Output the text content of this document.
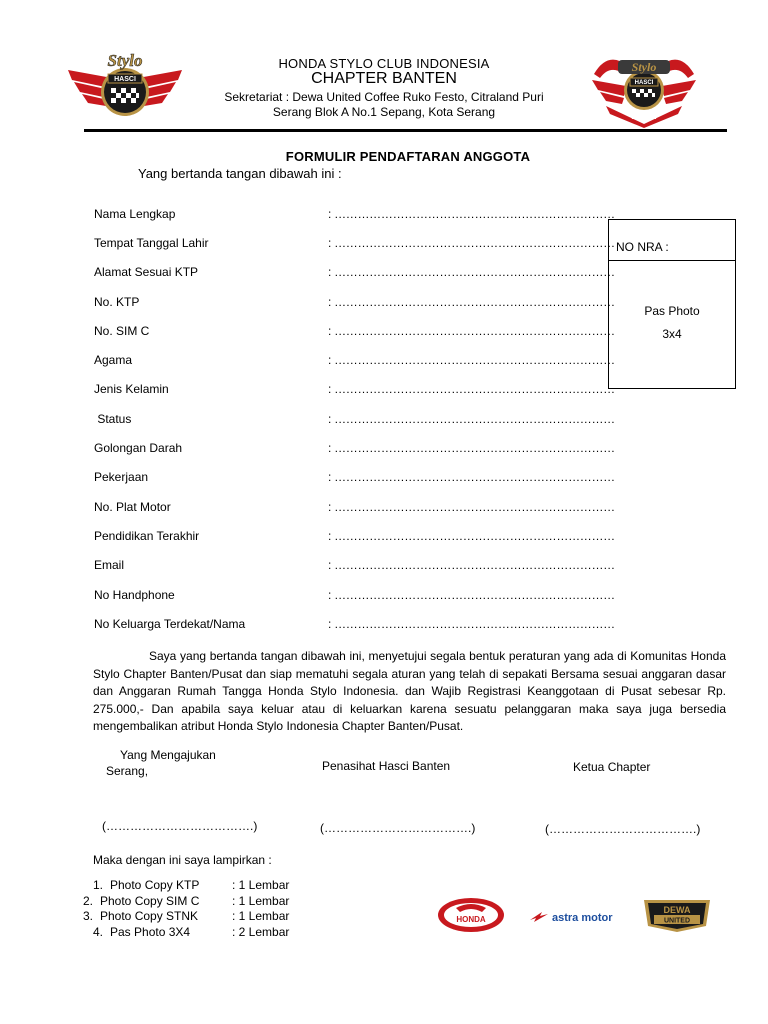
HASCI
Stylo
BANTEN
HASCI
Stylo
HONDA STYLO CLUB INDONESIA
CHAPTER BANTEN
Sekretariat : Dewa United Coffee Ruko Festo, Citraland Puri
Serang Blok A No.1 Sepang, Kota Serang
FORMULIR PENDAFTARAN ANGGOTA
Yang bertanda tangan dibawah ini :
Nama Lengkap	: ………………………………………………………………
Tempat Tanggal Lahir	: ………………………………………………………………
Alamat Sesuai KTP	: ………………………………………………………………
No. KTP	: ………………………………………………………………
No. SIM C	: ………………………………………………………………
Agama	: ………………………………………………………………
Jenis Kelamin	: ………………………………………………………………
Status	: ………………………………………………………………
Golongan Darah	: ………………………………………………………………
Pekerjaan	: ………………………………………………………………
No. Plat Motor	: ………………………………………………………………
Pendidikan Terakhir	: ………………………………………………………………
Email	: ………………………………………………………………
No Handphone	: ………………………………………………………………
No Keluarga Terdekat/Nama	: ………………………………………………………………
NO NRA :
Pas Photo
3x4
Saya yang bertanda tangan dibawah ini, menyetujui segala bentuk peraturan yang ada di Komunitas Honda Stylo Chapter Banten/Pusat dan siap mematuhi segala aturan yang telah di sepakati Bersama sesuai anggaran dasar dan Anggaran Rumah Tangga Honda Stylo Indonesia. dan Wajib Registrasi Keanggotaan di Pusat sebesar Rp. 275.000,- Dan apabila saya keluar atau di keluarkan karena sesuatu pelanggaran maka saya juga bersedia mengembalikan atribut Honda Stylo Indonesia Chapter Banten/Pusat.
Yang Mengajukan
Serang,	Penasihat Hasci Banten	Ketua Chapter
(……………………………….)	(……………………………….)	(……………………………….)
Maka dengan ini saya lampirkan :
1. Photo Copy KTP	: 1 Lembar
2. Photo Copy SIM C	: 1 Lembar
3. Photo Copy STNK	: 1 Lembar
4. Pas Photo 3X4	: 2 Lembar
HONDA	astra motor
DEWA
UNITED
